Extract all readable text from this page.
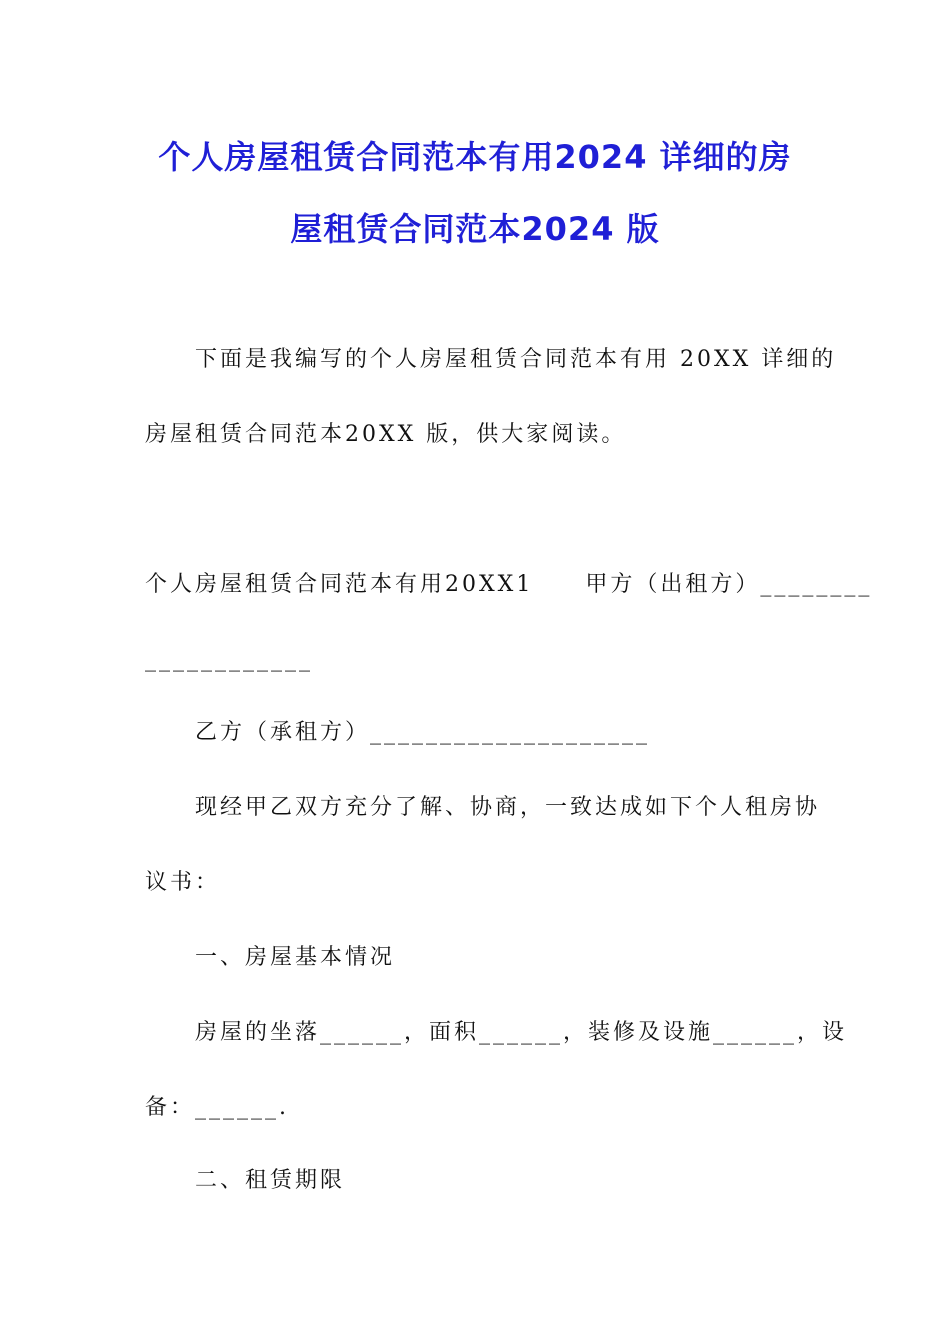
个人房屋租赁合同范本有用2024 详细的房
屋租赁合同范本2024 版

下面是我编写的个人房屋租赁合同范本有用 20XX 详细的

房屋租赁合同范本20XX 版，供大家阅读。

个人房屋租赁合同范本有用20XX1 甲方（出租方）________

____________

乙方（承租方）____________________

现经甲乙双方充分了解、协商，一致达成如下个人租房协

议书：

一、房屋基本情况

房屋的坐落______，面积______，装修及设施______，设

备：______.

二、租赁期限
